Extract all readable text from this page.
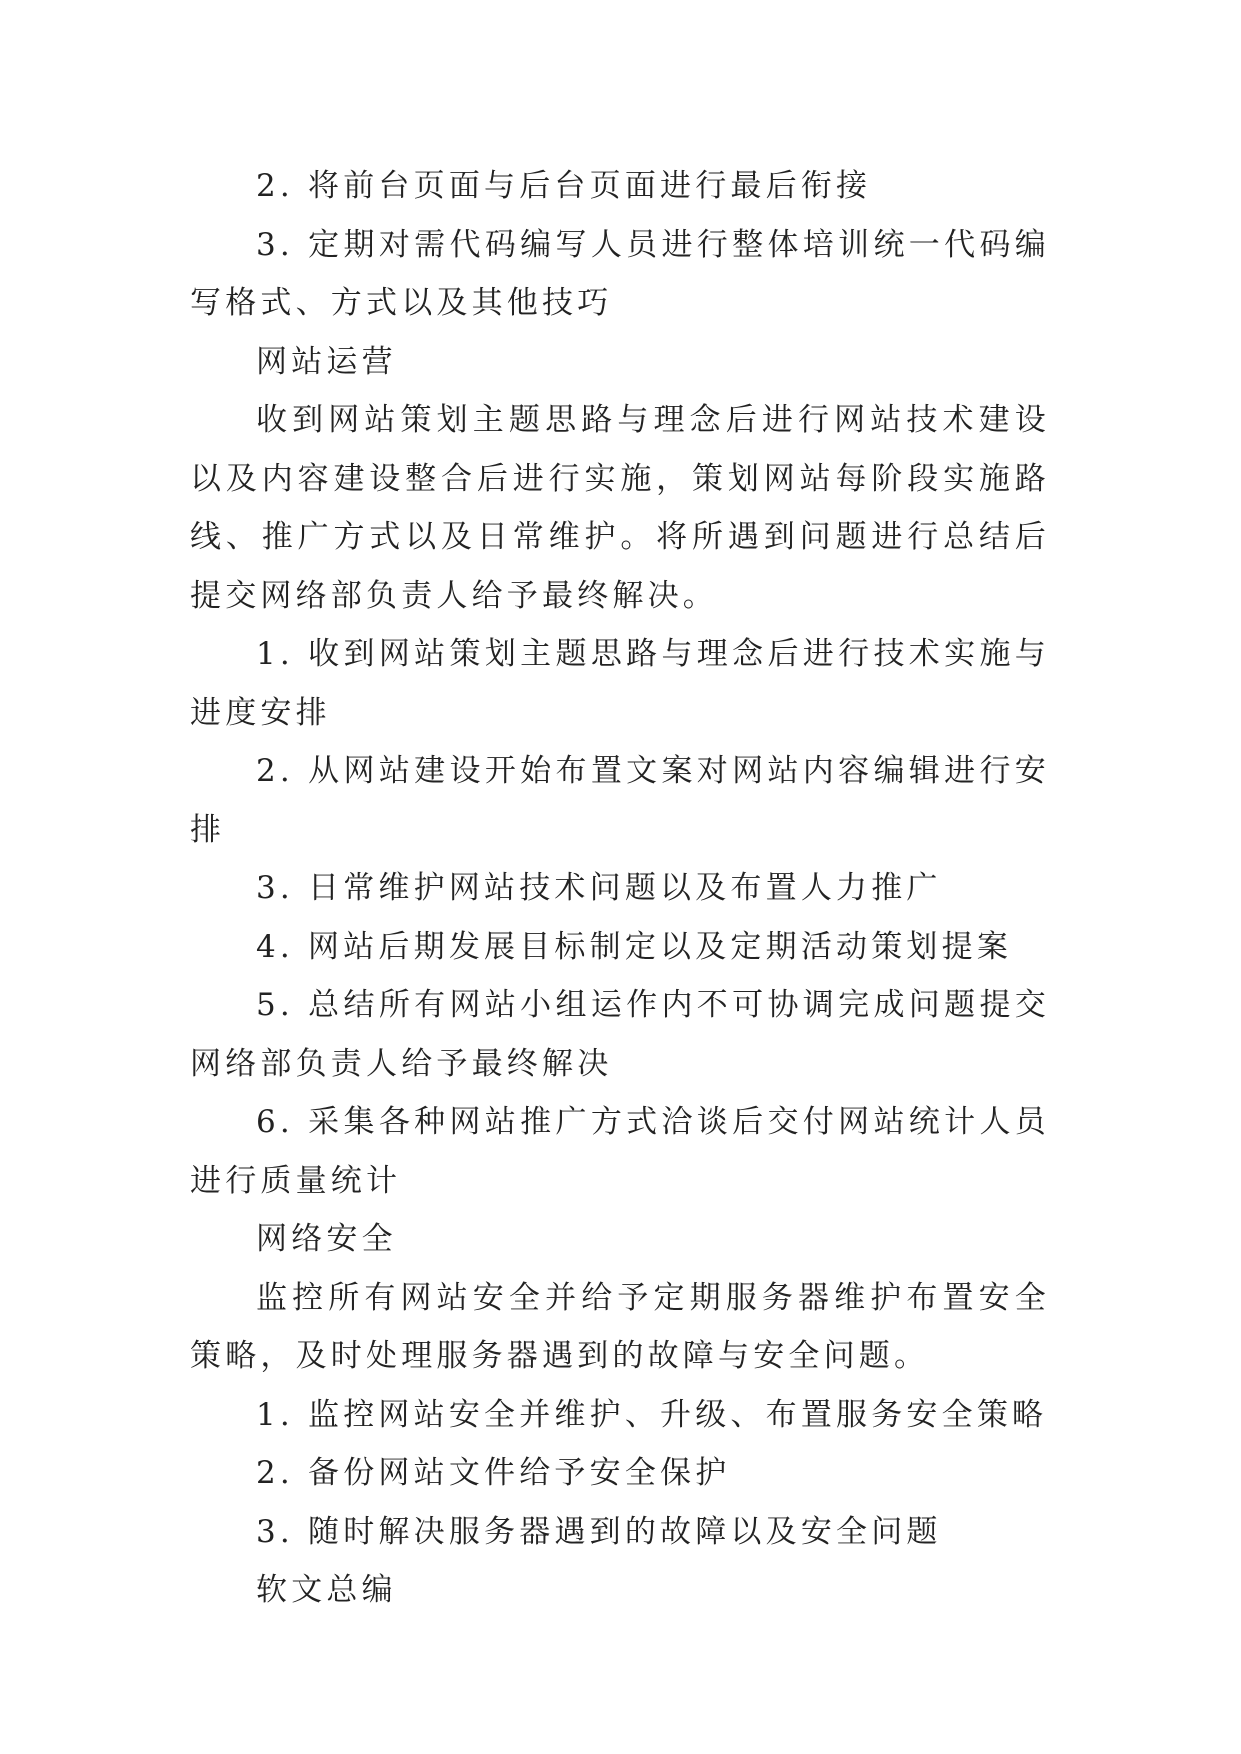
2. 将前台页面与后台页面进行最后衔接

3. 定期对需代码编写人员进行整体培训统一代码编写格式、方式以及其他技巧

网站运营

收到网站策划主题思路与理念后进行网站技术建设以及内容建设整合后进行实施，策划网站每阶段实施路线、推广方式以及日常维护。将所遇到问题进行总结后提交网络部负责人给予最终解决。

1. 收到网站策划主题思路与理念后进行技术实施与进度安排

2. 从网站建设开始布置文案对网站内容编辑进行安排

3. 日常维护网站技术问题以及布置人力推广

4. 网站后期发展目标制定以及定期活动策划提案

5. 总结所有网站小组运作内不可协调完成问题提交网络部负责人给予最终解决

6. 采集各种网站推广方式洽谈后交付网站统计人员进行质量统计

网络安全

监控所有网站安全并给予定期服务器维护布置安全策略，及时处理服务器遇到的故障与安全问题。

1. 监控网站安全并维护、升级、布置服务安全策略

2. 备份网站文件给予安全保护

3. 随时解决服务器遇到的故障以及安全问题

软文总编
